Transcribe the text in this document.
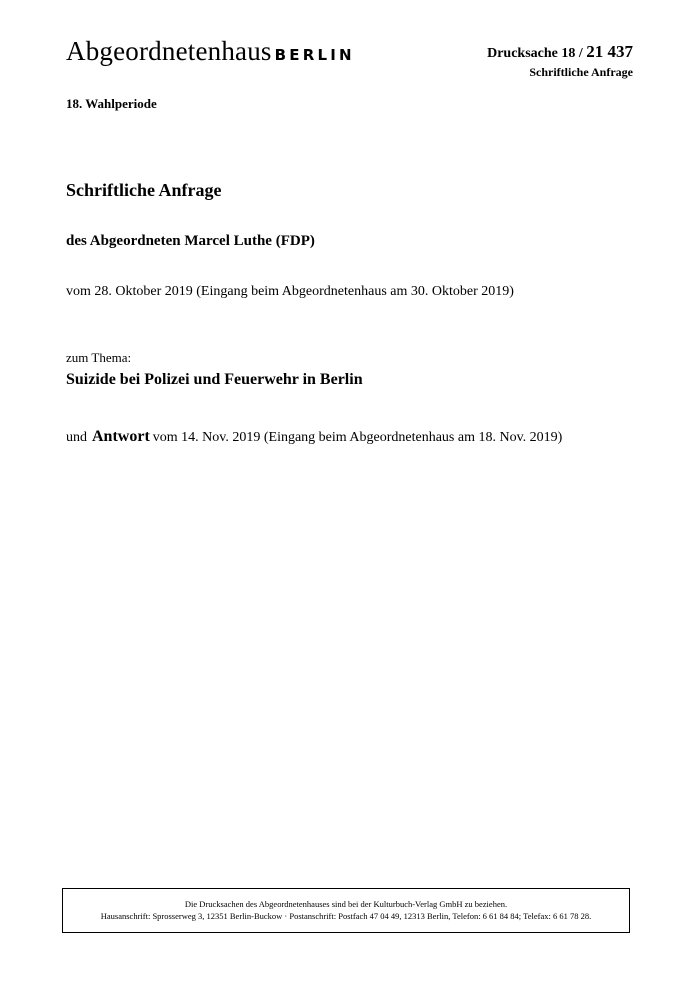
Abgeordnetenhaus BERLIN	Drucksache 18 / 21 437
Schriftliche Anfrage
18. Wahlperiode
Schriftliche Anfrage
des Abgeordneten Marcel Luthe (FDP)
vom 28. Oktober 2019 (Eingang beim Abgeordnetenhaus am 30. Oktober 2019)
zum Thema:
Suizide bei Polizei und Feuerwehr in Berlin
und Antwort vom 14. Nov. 2019 (Eingang beim Abgeordnetenhaus am 18. Nov. 2019)
Die Drucksachen des Abgeordnetenhauses sind bei der Kulturbuch-Verlag GmbH zu beziehen.
Hausanschrift: Sprosserweg 3, 12351 Berlin-Buckow · Postanschrift: Postfach 47 04 49, 12313 Berlin, Telefon: 6 61 84 84; Telefax: 6 61 78 28.
